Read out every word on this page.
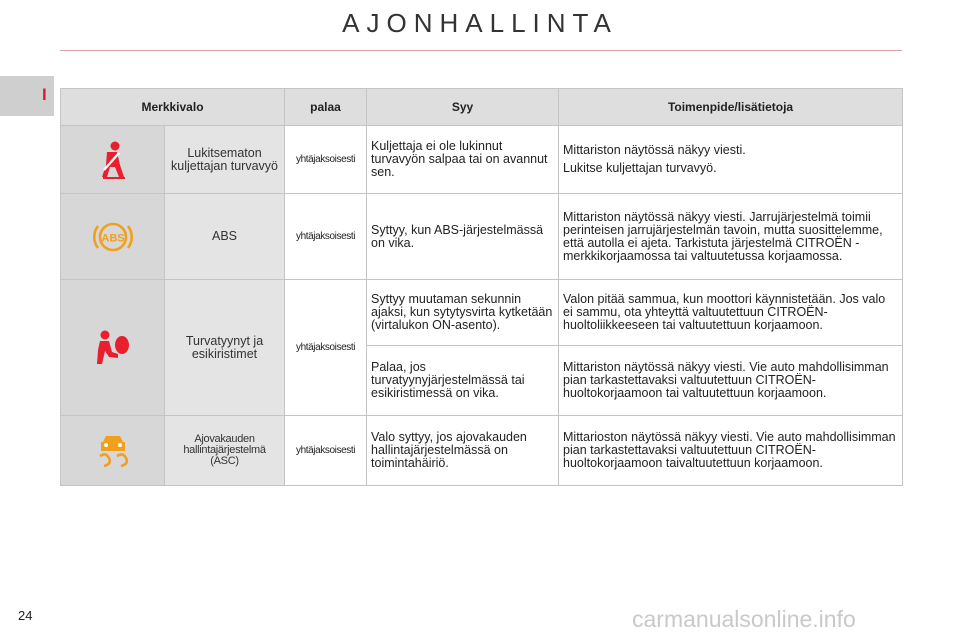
AJONHALLINTA
I
Merkkivalo		palaa	Syy	Toimenpide/lisätietoja

	Lukitsematon kuljettajan turvavyö	yhtäjaksoisesti	Kuljettaja ei ole lukinnut turvavyön salpaa tai on avannut sen.	Mittariston näytössä näkyy viesti.

Lukitse kuljettajan turvavyö.

ABS	ABS	yhtäjaksoisesti	Syttyy, kun ABS-järjestelmässä on vika.	Mittariston näytössä näkyy viesti. Jarrujärjestelmä toimii perinteisen jarrujärjestelmän tavoin, mutta suosittelemme, että autolla ei ajeta. Tarkistuta järjestelmä CITROËN -merkkikorjaamossa tai valtuutetussa korjaamossa.

	Turvatyynyt ja esikiristimet	yhtäjaksoisesti	Syttyy muutaman sekunnin ajaksi, kun sytytysvirta kytketään (virtalukon ON-asento).	Valon pitää sammua, kun moottori käynnistetään. Jos valo ei sammu, ota yhteyttä valtuutettuun CITROËN-huoltoliikkeeseen tai valtuutettuun korjaamoon.
			Palaa, jos turvatyynyjärjestelmässä tai esikiristimessä on vika.	Mittariston näytössä näkyy viesti. Vie auto mahdollisimman pian tarkastettavaksi valtuutettuun CITROËN-huoltokorjaamoon tai valtuutettuun korjaamoon.

	Ajovakauden hallintajärjestelmä (ASC)	yhtäjaksoisesti	Valo syttyy, jos ajovakauden hallintajärjestelmässä on toimintahäiriö.	Mittarioston näytössä näkyy viesti. Vie auto mahdollisimman pian tarkastettavaksi valtuutettuun CITROËN-huoltokorjaamoon taivaltuutettuun korjaamoon.
24	carmanualsonline.info
